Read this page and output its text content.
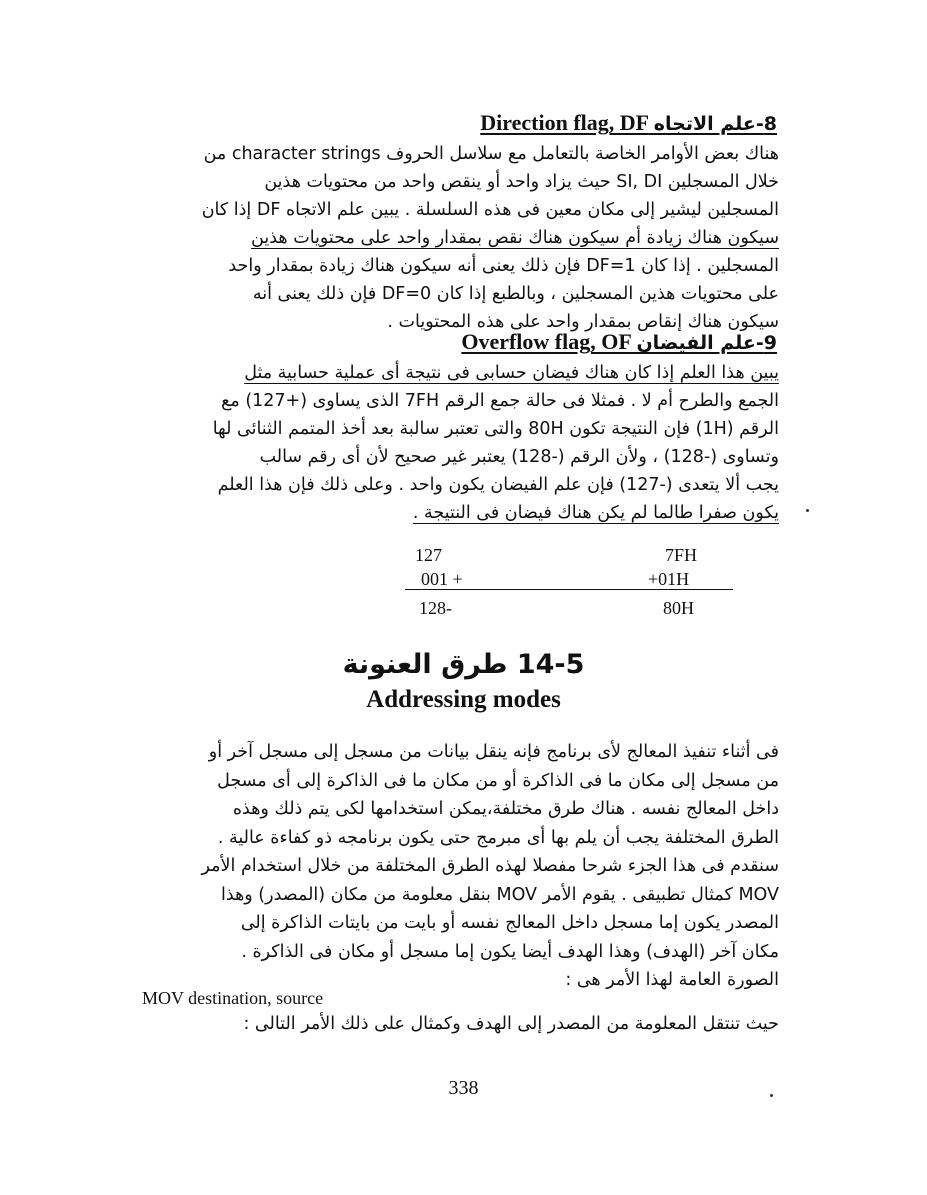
Direction flag, DF 8-علم الاتجاه
هناك بعض الأوامر الخاصة بالتعامل مع سلاسل الحروف character strings من
خلال المسجلين SI, DI حيث يزاد واحد أو ينقص واحد من محتويات هذين
المسجلين ليشير إلى مكان معين فى هذه السلسلة . يبين علم الاتجاه DF إذا كان
سيكون هناك زيادة أم سيكون هناك نقص بمقدار واحد على محتويات هذين
المسجلين . إذا كان DF=1 فإن ذلك يعنى أنه سيكون هناك زيادة بمقدار واحد
على محتويات هذين المسجلين ، وبالطبع إذا كان DF=0 فإن ذلك يعنى أنه
سيكون هناك إنقاص بمقدار واحد على هذه المحتويات .
Overflow flag, OF 9-علم الفيضان
يبين هذا العلم إذا كان هناك فيضان حسابى فى نتيجة أى عملية حسابية مثل
الجمع والطرح أم لا . فمثلا فى حالة جمع الرقم 7FH الذى يساوى (+127) مع
الرقم (1H) فإن النتيجة تكون 80H والتى تعتبر سالبة بعد أخذ المتمم الثنائى لها
وتساوى (-128) ، ولأن الرقم (-128) يعتبر غير صحيح لأن أى رقم سالب
يجب ألا يتعدى (-127) فإن علم الفيضان يكون واحد . وعلى ذلك فإن هذا العلم
يكون صفرا طالما لم يكن هناك فيضان فى النتيجة .
127
001 +
128-
7FH
+01H
80H
14-5 طرق العنونة
Addressing modes
فى أثناء تنفيذ المعالج لأى برنامج فإنه ينقل بيانات من مسجل إلى مسجل آخر أو
من مسجل إلى مكان ما فى الذاكرة أو من مكان ما فى الذاكرة إلى أى مسجل
داخل المعالج نفسه . هناك طرق مختلفة،يمكن استخدامها لكى يتم ذلك وهذه
الطرق المختلفة يجب أن يلم بها أى مبرمج حتى يكون برنامجه ذو كفاءة عالية .
سنقدم فى هذا الجزء شرحا مفصلا لهذه الطرق المختلفة من خلال استخدام الأمر
MOV كمثال تطبيقى . يقوم الأمر MOV بنقل معلومة من مكان (المصدر) وهذا
المصدر يكون إما مسجل داخل المعالج نفسه أو بايت من بايتات الذاكرة إلى
مكان آخر (الهدف) وهذا الهدف أيضا يكون إما مسجل أو مكان فى الذاكرة .
الصورة العامة لهذا الأمر هى :
MOV destination, source
حيث تنتقل المعلومة من المصدر إلى الهدف وكمثال على ذلك الأمر التالى :
338
